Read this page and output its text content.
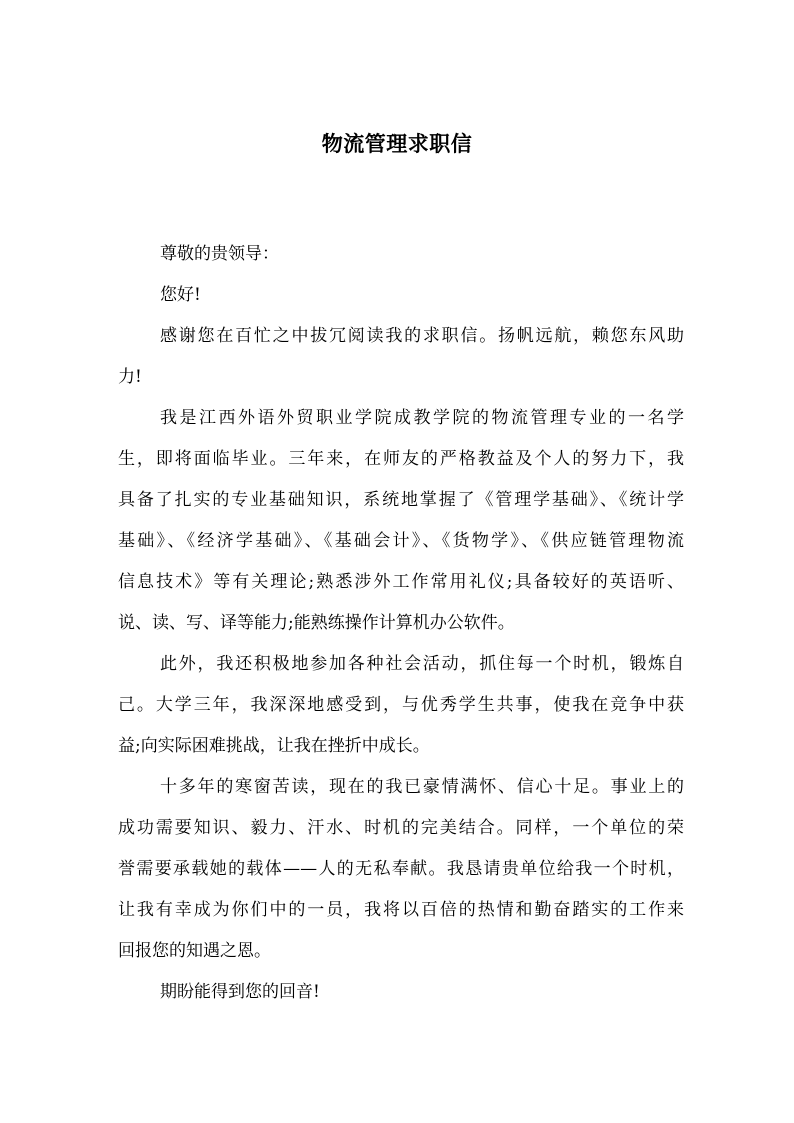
物流管理求职信
尊敬的贵领导：
您好!
感谢您在百忙之中拔冗阅读我的求职信。扬帆远航，赖您东风助
力!
我是江西外语外贸职业学院成教学院的物流管理专业的一名学
生，即将面临毕业。三年来，在师友的严格教益及个人的努力下，我
具备了扎实的专业基础知识，系统地掌握了《管理学基础》、《统计学
基础》、《经济学基础》、《基础会计》、《货物学》、《供应链管理物流
信息技术》等有关理论;熟悉涉外工作常用礼仪;具备较好的英语听、
说、读、写、译等能力;能熟练操作计算机办公软件。
此外，我还积极地参加各种社会活动，抓住每一个时机，锻炼自
己。大学三年，我深深地感受到，与优秀学生共事，使我在竞争中获
益;向实际困难挑战，让我在挫折中成长。
十多年的寒窗苦读，现在的我已豪情满怀、信心十足。事业上的
成功需要知识、毅力、汗水、时机的完美结合。同样，一个单位的荣
誉需要承载她的载体——人的无私奉献。我恳请贵单位给我一个时机，
让我有幸成为你们中的一员，我将以百倍的热情和勤奋踏实的工作来
回报您的知遇之恩。
期盼能得到您的回音!
